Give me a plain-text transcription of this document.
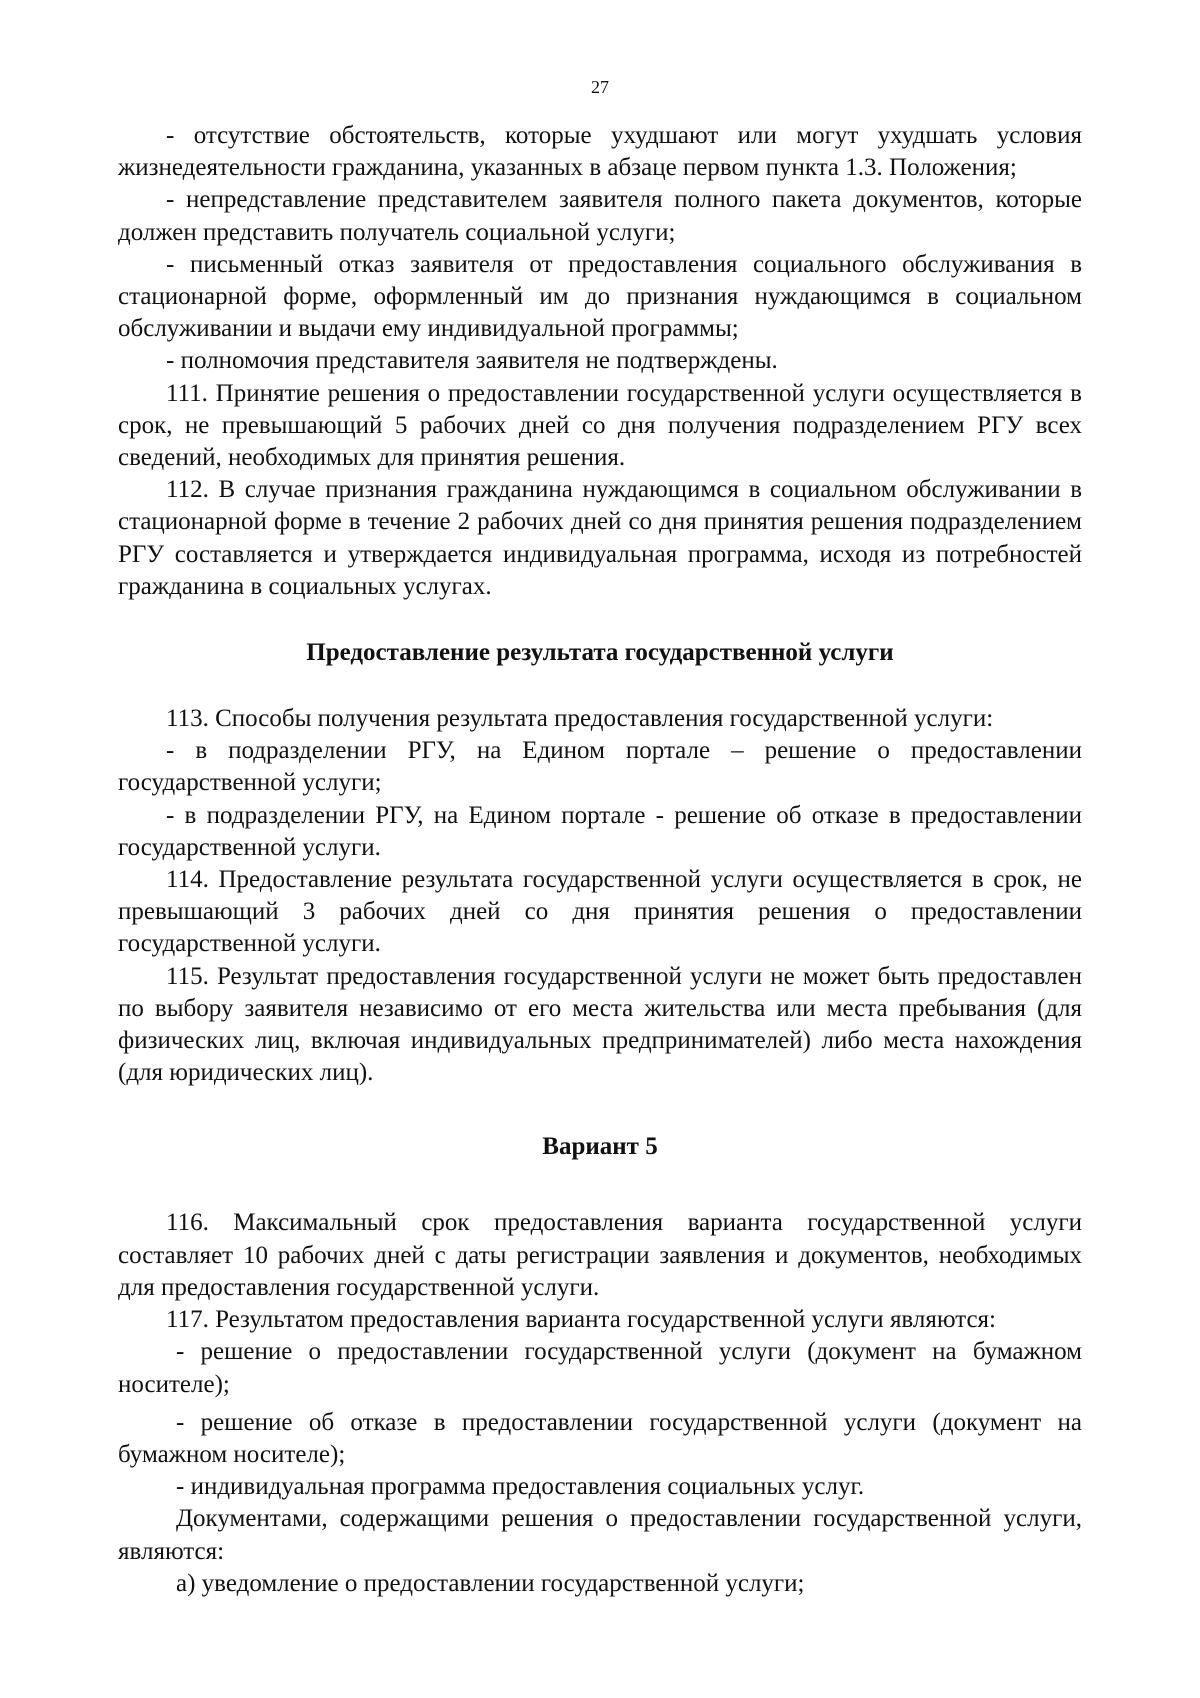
27

- отсутствие обстоятельств, которые ухудшают или могут ухудшать условия жизнедеятельности гражданина, указанных в абзаце первом пункта 1.3. Положения;

- непредставление представителем заявителя полного пакета документов, которые должен представить получатель социальной услуги;

- письменный отказ заявителя от предоставления социального обслуживания в стационарной форме, оформленный им до признания нуждающимся в социальном обслуживании и выдачи ему индивидуальной программы;

- полномочия представителя заявителя не подтверждены.

111. Принятие решения о предоставлении государственной услуги осуществляется в срок, не превышающий 5 рабочих дней со дня получения подразделением РГУ всех сведений, необходимых для принятия решения.

112. В случае признания гражданина нуждающимся в социальном обслуживании в стационарной форме в течение 2 рабочих дней со дня принятия решения подразделением РГУ составляется и утверждается индивидуальная программа, исходя из потребностей гражданина в социальных услугах.

Предоставление результата государственной услуги

113. Способы получения результата предоставления государственной услуги:

- в подразделении РГУ, на Едином портале – решение о предоставлении государственной услуги;

- в подразделении РГУ, на Едином портале - решение об отказе в предоставлении государственной услуги.

114. Предоставление результата государственной услуги осуществляется в срок, не превышающий 3 рабочих дней со дня принятия решения о предоставлении государственной услуги.

115. Результат предоставления государственной услуги не может быть предоставлен по выбору заявителя независимо от его места жительства или места пребывания (для физических лиц, включая индивидуальных предпринимателей) либо места нахождения (для юридических лиц).

Вариант 5

116. Максимальный срок предоставления варианта государственной услуги составляет 10 рабочих дней с даты регистрации заявления и документов, необходимых для предоставления государственной услуги.

117. Результатом предоставления варианта государственной услуги являются:

- решение о предоставлении государственной услуги (документ на бумажном носителе);

- решение об отказе в предоставлении государственной услуги (документ на бумажном носителе);

- индивидуальная программа предоставления социальных услуг.

Документами, содержащими решения о предоставлении государственной услуги, являются:

а) уведомление о предоставлении государственной услуги;
